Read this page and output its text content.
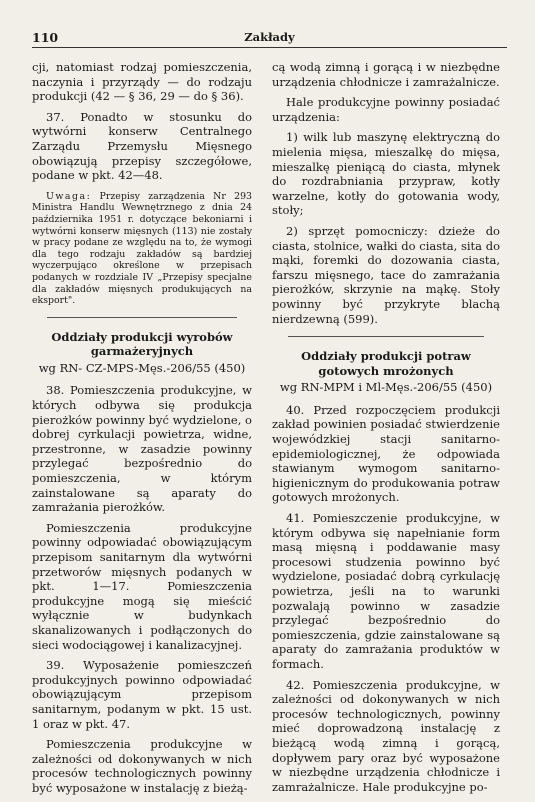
110	Zakłady

cji, natomiast rodzaj pomieszczenia, naczynia i przyrządy — do rodzaju produkcji (42 — § 36, 29 — do § 36).

37. Ponadto w stosunku do wytwórni konserw Centralnego Zarządu Przemysłu Mięsnego obowiązują przepisy szczegółowe, podane w pkt. 42—48.

Uwaga: Przepisy zarządzenia Nr 293 Ministra Handlu Wewnętrznego z dnia 24 października 1951 r. dotyczące bekoniarni i wytwórni konserw mięsnych (113) nie zostały w pracy podane ze względu na to, że wymogi dla tego rodzaju zakładów są bardziej wyczerpująco określone w przepisach podanych w rozdziale IV „Przepisy specjalne dla zakładów mięsnych produkujących na eksport".

Oddziały produkcji wyrobów garmażeryjnych
wg RN- CZ-MPS-Męs.-206/55 (450)

38. Pomieszczenia produkcyjne, w których odbywa się produkcja pierożków powinny być wydzielone, o dobrej cyrkulacji powietrza, widne, przestronne, w zasadzie powinny przylegać bezpośrednio do pomieszczenia, w którym zainstalowane są aparaty do zamrażania pierożków.

Pomieszczenia produkcyjne powinny odpowiadać obowiązującym przepisom sanitarnym dla wytwórni przetworów mięsnych podanych w pkt. 1—17. Pomieszczenia produkcyjne mogą się mieścić wyłącznie w budynkach skanalizowanych i podłączonych do sieci wodociągowej i kanalizacyjnej.

39. Wyposażenie pomieszczeń produkcyjnych powinno odpowiadać obowiązującym przepisom sanitarnym, podanym w pkt. 15 ust. 1 oraz w pkt. 47.

Pomieszczenia produkcyjne w zależności od dokonywanych w nich procesów technologicznych powinny być wyposażone w instalację z bieżą-

cą wodą zimną i gorącą i w niezbędne urządzenia chłodnicze i zamrażalnicze.

Hale produkcyjne powinny posiadać urządzenia:

1) wilk lub maszynę elektryczną do mielenia mięsa, mieszalkę do mięsa, mieszalkę pieniącą do ciasta, młynek do rozdrabniania przypraw, kotły warzelne, kotły do gotowania wody, stoły;

2) sprzęt pomocniczy: dzieże do ciasta, stolnice, wałki do ciasta, sita do mąki, foremki do dozowania ciasta, farszu mięsnego, tace do zamrażania pierożków, skrzynie na mąkę. Stoły powinny być przykryte blachą nierdzewną (599).

Oddziały produkcji potraw gotowych mrożonych
wg RN-MPM i Ml-Męs.-206/55 (450)

40. Przed rozpoczęciem produkcji zakład powinien posiadać stwierdzenie wojewódzkiej stacji sanitarno-epidemiologicznej, że odpowiada stawianym wymogom sanitarno-higienicznym do produkowania potraw gotowych mrożonych.

41. Pomieszczenie produkcyjne, w którym odbywa się napełnianie form masą mięsną i poddawanie masy procesowi studzenia powinno być wydzielone, posiadać dobrą cyrkulację powietrza, jeśli na to warunki pozwalają powinno w zasadzie przylegać bezpośrednio do pomieszczenia, gdzie zainstalowane są aparaty do zamrażania produktów w formach.

42. Pomieszczenia produkcyjne, w zależności od dokonywanych w nich procesów technologicznych, powinny mieć doprowadzoną instalację z bieżącą wodą zimną i gorącą, dopływem pary oraz być wyposażone w niezbędne urządzenia chłodnicze i zamrażalnicze. Hale produkcyjne po-
